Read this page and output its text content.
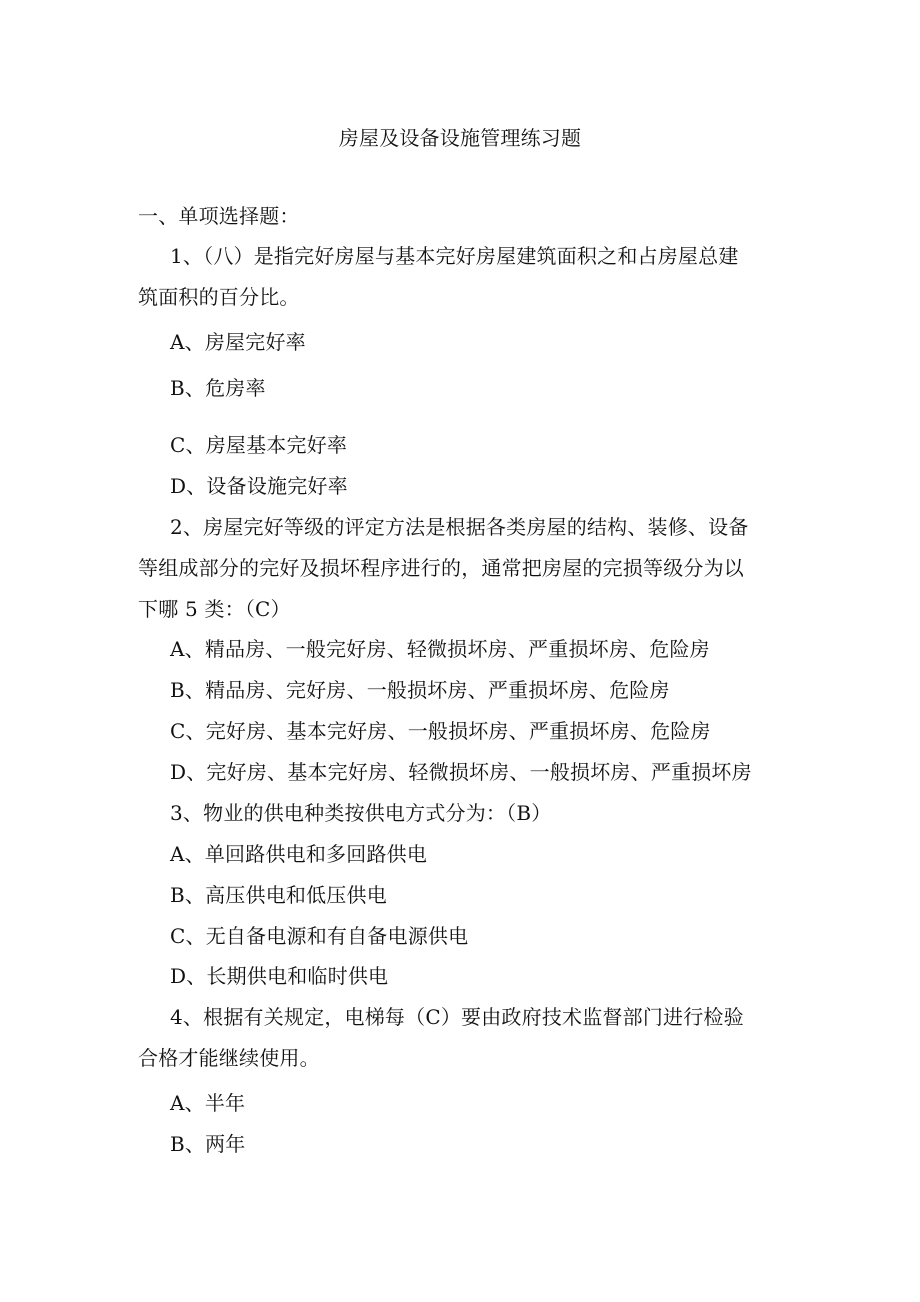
房屋及设备设施管理练习题
一、单项选择题：
1、（八）是指完好房屋与基本完好房屋建筑面积之和占房屋总建
筑面积的百分比。
A、房屋完好率
B、危房率
C、房屋基本完好率
D、设备设施完好率
2、房屋完好等级的评定方法是根据各类房屋的结构、装修、设备
等组成部分的完好及损坏程序进行的，通常把房屋的完损等级分为以
下哪 5 类：（C）
A、精品房、一般完好房、轻微损坏房、严重损坏房、危险房
B、精品房、完好房、一般损坏房、严重损坏房、危险房
C、完好房、基本完好房、一般损坏房、严重损坏房、危险房
D、完好房、基本完好房、轻微损坏房、一般损坏房、严重损坏房
3、物业的供电种类按供电方式分为：（B）
A、单回路供电和多回路供电
B、高压供电和低压供电
C、无自备电源和有自备电源供电
D、长期供电和临时供电
4、根据有关规定，电梯每（C）要由政府技术监督部门进行检验
合格才能继续使用。
A、半年
B、两年
